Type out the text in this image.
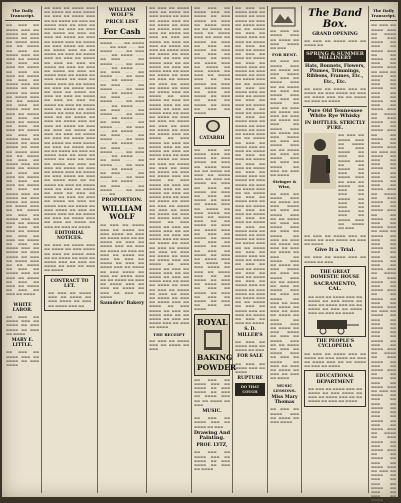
The Daily Transcript.

▬▬ ▬▬▬ ▬▬ ▬▬▬▬ ▬▬▬ ▬▬ ▬▬▬▬ ▬▬ ▬▬▬ ▬▬▬▬ ▬▬ ▬▬▬ ▬▬ ▬▬▬▬ ▬▬▬ ▬▬ ▬▬ ▬▬▬▬ ▬▬ ▬▬▬ ▬▬ ▬▬▬▬ ▬▬▬ ▬▬ ▬▬▬ ▬▬ ▬▬▬▬ ▬▬ ▬▬▬ ▬▬ ▬▬▬ ▬▬ ▬▬▬▬ ▬▬ ▬▬▬ ▬▬ ▬▬▬ ▬▬ ▬▬▬▬ ▬▬ ▬▬▬ ▬▬ ▬▬▬▬ ▬▬▬ ▬▬ ▬▬▬▬ ▬▬ ▬▬▬ ▬▬▬▬ ▬▬ ▬▬▬ ▬▬ ▬▬▬▬ ▬▬▬ ▬▬ ▬▬ ▬▬▬▬ ▬▬ ▬▬▬ ▬▬ ▬▬▬▬ ▬▬▬ ▬▬ ▬▬▬ ▬▬ ▬▬▬▬ ▬▬ ▬▬▬ ▬▬ ▬▬▬ ▬▬ ▬▬▬▬ ▬▬ ▬▬▬ ▬▬ ▬▬▬ ▬▬ ▬▬▬▬ ▬▬ ▬▬▬ ▬▬ ▬▬▬▬ ▬▬▬ ▬▬ ▬▬▬▬ ▬▬ ▬▬▬ ▬▬▬▬ ▬▬ ▬▬▬ ▬▬ ▬▬▬▬ ▬▬▬ ▬▬ ▬▬ ▬▬▬▬ ▬▬ ▬▬▬ ▬▬ ▬▬▬▬ ▬▬▬ ▬▬ ▬▬▬ ▬▬ ▬▬▬▬ ▬▬ ▬▬▬ ▬▬ ▬▬▬ ▬▬ ▬▬▬▬ ▬▬ ▬▬▬ ▬▬ ▬▬▬ ▬▬ ▬▬▬▬ ▬▬ ▬▬▬ ▬▬ ▬▬▬▬ ▬▬▬ ▬▬ ▬▬▬▬ ▬▬ ▬▬▬ ▬▬▬▬ ▬▬ ▬▬▬ ▬▬ ▬▬▬▬ ▬▬▬ ▬▬ ▬▬ ▬▬▬▬ ▬▬ ▬▬▬ ▬▬ ▬▬▬▬ ▬▬▬ ▬▬ ▬▬▬ ▬▬ ▬▬▬▬ ▬▬ ▬▬▬ ▬▬ ▬▬▬ ▬▬ ▬▬▬▬ ▬▬ ▬▬▬ ▬▬ ▬▬▬ ▬▬ ▬▬▬▬ ▬▬ ▬▬▬ ▬▬ ▬▬▬▬ ▬▬▬ ▬▬ ▬▬▬▬ ▬▬ ▬▬▬ ▬▬▬▬ ▬▬ ▬▬▬ ▬▬ ▬▬▬▬ ▬▬▬ ▬▬ ▬▬ ▬▬▬▬ ▬▬ ▬▬▬ ▬▬ ▬▬▬▬ ▬▬▬ ▬▬ ▬▬▬ ▬▬ ▬▬▬▬ ▬▬ ▬▬▬ ▬▬ ▬▬▬ ▬▬ ▬▬▬▬ ▬▬ ▬▬▬ ▬▬ ▬▬▬ ▬▬ ▬▬▬▬

WHITE LABOR.

▬▬ ▬▬▬ ▬▬ ▬▬▬▬ ▬▬▬ ▬▬ ▬▬▬▬ ▬▬ ▬▬▬ ▬▬▬▬ ▬▬ ▬▬▬ ▬▬ ▬▬▬▬

MARY E. LITTLE.

▬▬ ▬▬▬ ▬▬ ▬▬▬▬ ▬▬▬ ▬▬ ▬▬▬▬ ▬▬ ▬▬▬ ▬▬▬▬

▬▬ ▬▬▬ ▬▬ ▬▬▬▬ ▬▬▬ ▬▬ ▬▬▬▬ ▬▬ ▬▬▬ ▬▬▬▬ ▬▬ ▬▬▬ ▬▬ ▬▬▬▬ ▬▬▬ ▬▬ ▬▬ ▬▬▬▬ ▬▬ ▬▬▬ ▬▬ ▬▬▬▬ ▬▬▬ ▬▬ ▬▬▬ ▬▬ ▬▬▬▬ ▬▬ ▬▬▬ ▬▬ ▬▬▬ ▬▬ ▬▬▬▬ ▬▬ ▬▬▬ ▬▬ ▬▬▬ ▬▬ ▬▬▬▬ ▬▬ ▬▬▬ ▬▬ ▬▬▬▬ ▬▬▬ ▬▬ ▬▬▬▬ ▬▬ ▬▬▬ ▬▬▬▬ ▬▬ ▬▬▬ ▬▬ ▬▬▬▬ ▬▬▬ ▬▬ ▬▬ ▬▬▬▬ ▬▬ ▬▬▬ ▬▬ ▬▬▬▬ ▬▬▬ ▬▬ ▬▬▬ ▬▬ ▬▬▬▬ ▬▬ ▬▬▬ ▬▬ ▬▬▬ ▬▬ ▬▬▬▬ ▬▬ ▬▬▬ ▬▬ ▬▬▬ ▬▬ ▬▬▬▬ ▬▬ ▬▬▬ ▬▬ ▬▬▬▬ ▬▬▬ ▬▬ ▬▬▬▬ ▬▬ ▬▬▬ ▬▬▬▬ ▬▬ ▬▬▬ ▬▬ ▬▬▬▬ ▬▬▬ ▬▬ ▬▬ ▬▬▬▬ ▬▬ ▬▬▬ ▬▬ ▬▬▬▬ ▬▬▬ ▬▬ ▬▬▬ ▬▬ ▬▬▬▬ ▬▬ ▬▬▬ ▬▬ ▬▬▬ ▬▬ ▬▬▬▬ ▬▬ ▬▬▬ ▬▬ ▬▬▬ ▬▬ ▬▬▬▬ ▬▬ ▬▬▬ ▬▬ ▬▬▬▬ ▬▬▬ ▬▬ ▬▬▬▬ ▬▬ ▬▬▬ ▬▬▬▬ ▬▬ ▬▬▬ ▬▬ ▬▬▬▬ ▬▬▬ ▬▬ ▬▬ ▬▬▬▬ ▬▬ ▬▬▬ ▬▬ ▬▬▬▬ ▬▬▬ ▬▬ ▬▬▬ ▬▬ ▬▬▬▬ ▬▬ ▬▬▬ ▬▬ ▬▬▬ ▬▬ ▬▬▬▬ ▬▬ ▬▬▬ ▬▬ ▬▬▬ ▬▬ ▬▬▬▬ ▬▬ ▬▬▬ ▬▬ ▬▬▬▬ ▬▬▬ ▬▬ ▬▬▬▬ ▬▬ ▬▬▬ ▬▬▬▬ ▬▬ ▬▬▬ ▬▬ ▬▬▬▬ ▬▬▬ ▬▬ ▬▬ ▬▬▬▬ ▬▬ ▬▬▬ ▬▬ ▬▬▬▬ ▬▬▬ ▬▬ ▬▬▬ ▬▬ ▬▬▬▬ ▬▬ ▬▬▬ ▬▬ ▬▬▬ ▬▬ ▬▬▬▬ ▬▬ ▬▬▬ ▬▬ ▬▬▬ ▬▬ ▬▬▬▬ ▬▬ ▬▬▬ ▬▬ ▬▬▬▬ ▬▬▬ ▬▬ ▬▬▬▬ ▬▬ ▬▬▬ ▬▬▬▬ ▬▬ ▬▬▬ ▬▬ ▬▬▬▬ ▬▬▬ ▬▬ ▬▬ ▬▬▬▬ ▬▬ ▬▬▬ ▬▬ ▬▬▬▬ ▬▬▬ ▬▬ ▬▬▬ ▬▬ ▬▬▬▬ ▬▬ ▬▬▬ ▬▬ ▬▬▬ ▬▬ ▬▬▬▬ ▬▬ ▬▬▬ ▬▬ ▬▬▬ ▬▬ ▬▬▬▬ ▬▬ ▬▬▬ ▬▬ ▬▬▬▬ ▬▬▬ ▬▬ ▬▬▬▬ ▬▬ ▬▬▬ ▬▬▬▬ ▬▬ ▬▬▬ ▬▬ ▬▬▬▬ ▬▬▬ ▬▬ ▬▬ ▬▬▬▬ ▬▬ ▬▬▬ ▬▬ ▬▬▬▬ ▬▬▬ ▬▬ ▬▬▬ ▬▬ ▬▬▬▬ ▬▬ ▬▬▬ ▬▬ ▬▬▬ ▬▬ ▬▬▬▬

EDITORIAL NOTICES.

▬▬ ▬▬▬ ▬▬ ▬▬▬▬ ▬▬▬ ▬▬ ▬▬▬▬ ▬▬ ▬▬▬ ▬▬▬▬ ▬▬ ▬▬▬ ▬▬ ▬▬▬▬ ▬▬▬ ▬▬ ▬▬ ▬▬▬▬ ▬▬ ▬▬▬ ▬▬ ▬▬▬▬ ▬▬▬ ▬▬ ▬▬▬ ▬▬ ▬▬▬▬ ▬▬ ▬▬▬ ▬▬ ▬▬▬ ▬▬ ▬▬▬▬

CONTRACT TO LET.

▬▬ ▬▬▬ ▬▬ ▬▬▬▬ ▬▬▬ ▬▬ ▬▬▬▬ ▬▬ ▬▬▬ ▬▬▬▬ ▬▬ ▬▬▬ ▬▬ ▬▬▬▬ ▬▬▬ ▬▬

WILLIAM WOLF'S
PRICE LIST
For Cash

▬▬▬▬ ........ ▬▬ ▬▬▬▬ ........ ▬▬ ▬▬▬ ........ ▬▬ ▬▬▬▬ ........ ▬▬ ▬▬▬ ........ ▬▬ ▬▬▬▬ ........ ▬▬ ▬▬▬ ........ ▬▬ ▬▬▬▬ ........ ▬▬ ▬▬▬ ........ ▬▬ ▬▬▬▬ ........ ▬▬ ▬▬▬ ........ ▬▬ ▬▬▬▬ ........ ▬▬ ▬▬▬ ........ ▬▬ ▬▬▬▬ ........ ▬▬ ▬▬▬ ........ ▬▬ ▬▬▬▬ ........ ▬▬ ▬▬▬ ........ ▬▬ ▬▬▬▬ ........ ▬▬ ▬▬▬ ........ ▬▬ ▬▬▬▬ ........ ▬▬ ▬▬▬ ........ ▬▬ ▬▬▬▬ ........ ▬▬ ▬▬▬ ........ ▬▬ ▬▬▬▬ ........ ▬▬ ▬▬▬ ........ ▬▬ ▬▬▬▬ ........ ▬▬ ▬▬▬ ........ ▬▬ ▬▬▬▬ ........ ▬▬ ▬▬▬ ........ ▬▬ ▬▬▬▬ ........ ▬▬ ▬▬▬ ........ ▬▬ ▬▬▬▬ ........ ▬▬ ▬▬▬ ........ ▬▬ ▬▬▬▬ ........ ▬▬ ▬▬▬ ........ ▬▬ ▬▬▬▬ ........ ▬▬ ▬▬▬ ........ ▬▬ ▬▬▬▬ ........ ▬▬ ▬▬▬ ........ ▬▬ ▬▬▬▬ ........ ▬▬ ▬▬▬ ........ ▬▬ ▬▬▬▬ ........ ▬▬ ▬▬▬ ........ ▬▬ ▬▬▬▬ ........ ▬▬ ▬▬▬ ........ ▬▬ ▬▬▬▬ ........ ▬▬ ▬▬▬ ........ ▬▬ ▬▬▬▬ ........ ▬▬ ▬▬▬ ........ ▬▬

PROPORTION.
WILLIAM WOLF

▬▬ ▬▬▬ ▬▬ ▬▬▬▬ ▬▬▬ ▬▬ ▬▬▬▬ ▬▬ ▬▬▬ ▬▬▬▬ ▬▬ ▬▬▬ ▬▬ ▬▬▬▬ ▬▬▬ ▬▬ ▬▬ ▬▬▬▬ ▬▬ ▬▬▬ ▬▬ ▬▬▬▬ ▬▬▬ ▬▬ ▬▬▬ ▬▬ ▬▬▬▬ ▬▬ ▬▬▬ ▬▬ ▬▬▬ ▬▬ ▬▬▬▬ ▬▬ ▬▬▬ ▬▬ ▬▬▬ ▬▬ ▬▬▬▬ ▬▬ ▬▬▬ ▬▬ ▬▬▬▬ ▬▬▬ ▬▬ ▬▬▬▬ ▬▬ ▬▬▬ ▬▬▬▬ ▬▬ ▬▬▬ ▬▬ ▬▬▬▬ ▬▬▬ ▬▬ ▬▬ ▬▬▬▬ ▬▬ ▬▬▬ ▬▬ ▬▬▬▬ ▬▬▬ ▬▬ ▬▬▬ ▬▬ ▬▬▬▬ ▬▬ ▬▬▬ ▬▬ ▬▬▬ ▬▬ ▬▬▬▬

Saunders' Bakery

▬▬ ▬▬▬ ▬▬ ▬▬▬▬ ▬▬▬ ▬▬ ▬▬▬▬ ▬▬ ▬▬▬ ▬▬▬▬ ▬▬ ▬▬▬ ▬▬ ▬▬▬▬ ▬▬▬ ▬▬ ▬▬ ▬▬▬▬ ▬▬ ▬▬▬ ▬▬ ▬▬▬▬ ▬▬▬ ▬▬ ▬▬▬ ▬▬ ▬▬▬▬ ▬▬ ▬▬▬ ▬▬ ▬▬▬ ▬▬ ▬▬▬▬ ▬▬ ▬▬▬ ▬▬ ▬▬▬ ▬▬ ▬▬▬▬ ▬▬ ▬▬▬ ▬▬ ▬▬▬▬ ▬▬▬ ▬▬ ▬▬▬▬ ▬▬ ▬▬▬ ▬▬▬▬ ▬▬ ▬▬▬ ▬▬ ▬▬▬▬ ▬▬▬ ▬▬ ▬▬ ▬▬▬▬ ▬▬ ▬▬▬ ▬▬ ▬▬▬▬ ▬▬▬ ▬▬ ▬▬▬ ▬▬ ▬▬▬▬ ▬▬ ▬▬▬ ▬▬ ▬▬▬ ▬▬ ▬▬▬▬ ▬▬ ▬▬▬ ▬▬ ▬▬▬ ▬▬ ▬▬▬▬ ▬▬ ▬▬▬ ▬▬ ▬▬▬▬ ▬▬▬ ▬▬ ▬▬▬▬ ▬▬ ▬▬▬ ▬▬▬▬ ▬▬ ▬▬▬ ▬▬ ▬▬▬▬ ▬▬▬ ▬▬ ▬▬ ▬▬▬▬ ▬▬ ▬▬▬ ▬▬ ▬▬▬▬ ▬▬▬ ▬▬ ▬▬▬ ▬▬ ▬▬▬▬ ▬▬ ▬▬▬ ▬▬ ▬▬▬ ▬▬ ▬▬▬▬ ▬▬ ▬▬▬ ▬▬ ▬▬▬ ▬▬ ▬▬▬▬ ▬▬ ▬▬▬ ▬▬ ▬▬▬▬ ▬▬▬ ▬▬ ▬▬▬▬ ▬▬ ▬▬▬ ▬▬▬▬ ▬▬ ▬▬▬ ▬▬ ▬▬▬▬ ▬▬▬ ▬▬ ▬▬ ▬▬▬▬ ▬▬ ▬▬▬ ▬▬ ▬▬▬▬ ▬▬▬ ▬▬ ▬▬▬ ▬▬ ▬▬▬▬ ▬▬ ▬▬▬ ▬▬ ▬▬▬ ▬▬ ▬▬▬▬ ▬▬ ▬▬▬ ▬▬ ▬▬▬ ▬▬ ▬▬▬▬ ▬▬ ▬▬▬ ▬▬ ▬▬▬▬ ▬▬▬ ▬▬ ▬▬▬▬ ▬▬ ▬▬▬ ▬▬▬▬ ▬▬ ▬▬▬ ▬▬ ▬▬▬▬ ▬▬▬ ▬▬ ▬▬ ▬▬▬▬ ▬▬ ▬▬▬ ▬▬ ▬▬▬▬ ▬▬▬ ▬▬ ▬▬▬ ▬▬ ▬▬▬▬ ▬▬ ▬▬▬ ▬▬ ▬▬▬ ▬▬ ▬▬▬▬ ▬▬ ▬▬▬ ▬▬ ▬▬▬ ▬▬ ▬▬▬▬ ▬▬ ▬▬▬ ▬▬ ▬▬▬▬ ▬▬▬ ▬▬ ▬▬▬▬ ▬▬ ▬▬▬ ▬▬▬▬ ▬▬ ▬▬▬ ▬▬ ▬▬▬▬ ▬▬▬ ▬▬ ▬▬ ▬▬▬▬ ▬▬ ▬▬▬ ▬▬ ▬▬▬▬ ▬▬▬ ▬▬ ▬▬▬ ▬▬ ▬▬▬▬ ▬▬ ▬▬▬ ▬▬ ▬▬▬ ▬▬ ▬▬▬▬ ▬▬ ▬▬▬ ▬▬ ▬▬▬ ▬▬ ▬▬▬▬ ▬▬ ▬▬▬ ▬▬ ▬▬▬▬ ▬▬▬ ▬▬ ▬▬▬▬ ▬▬ ▬▬▬ ▬▬▬▬ ▬▬ ▬▬▬ ▬▬ ▬▬▬▬ ▬▬▬ ▬▬ ▬▬ ▬▬▬▬ ▬▬ ▬▬▬ ▬▬ ▬▬▬▬ ▬▬▬ ▬▬ ▬▬▬ ▬▬ ▬▬▬▬ ▬▬ ▬▬▬ ▬▬ ▬▬▬ ▬▬ ▬▬▬▬ ▬▬ ▬▬▬ ▬▬ ▬▬▬ ▬▬ ▬▬▬▬ ▬▬ ▬▬▬ ▬▬ ▬▬▬▬ ▬▬▬ ▬▬ ▬▬▬▬ ▬▬ ▬▬▬ ▬▬▬▬ ▬▬ ▬▬▬ ▬▬ ▬▬▬▬ ▬▬▬ ▬▬ ▬▬ ▬▬▬▬ ▬▬ ▬▬▬ ▬▬ ▬▬▬▬ ▬▬▬ ▬▬ ▬▬▬ ▬▬ ▬▬▬▬

THE RECEIPT

▬▬ ▬▬▬ ▬▬ ▬▬▬▬ ▬▬▬ ▬▬ ▬▬▬▬ ▬▬ ▬▬▬

▬▬ ▬▬▬ ▬▬ ▬▬▬▬ ▬▬▬ ▬▬ ▬▬▬▬ ▬▬ ▬▬▬ ▬▬▬▬ ▬▬ ▬▬▬ ▬▬ ▬▬▬▬ ▬▬▬ ▬▬ ▬▬ ▬▬▬▬ ▬▬ ▬▬▬ ▬▬ ▬▬▬▬ ▬▬▬ ▬▬ ▬▬▬ ▬▬ ▬▬▬▬ ▬▬ ▬▬▬ ▬▬ ▬▬▬ ▬▬ ▬▬▬▬ ▬▬ ▬▬▬ ▬▬ ▬▬▬ ▬▬ ▬▬▬▬ ▬▬ ▬▬▬ ▬▬ ▬▬▬▬ ▬▬▬ ▬▬ ▬▬▬▬ ▬▬ ▬▬▬ ▬▬▬▬ ▬▬ ▬▬▬ ▬▬ ▬▬▬▬ ▬▬▬ ▬▬ ▬▬ ▬▬▬▬ ▬▬ ▬▬▬ ▬▬ ▬▬▬▬ ▬▬▬ ▬▬ ▬▬▬ ▬▬ ▬▬▬▬ ▬▬ ▬▬▬ ▬▬ ▬▬▬ ▬▬ ▬▬▬▬ ▬▬ ▬▬▬ ▬▬ ▬▬▬ ▬▬ ▬▬▬▬

CATARRH

▬▬ ▬▬▬ ▬▬ ▬▬▬▬ ▬▬▬ ▬▬ ▬▬▬▬ ▬▬ ▬▬▬ ▬▬▬▬ ▬▬ ▬▬▬ ▬▬ ▬▬▬▬ ▬▬▬ ▬▬ ▬▬ ▬▬▬▬ ▬▬ ▬▬▬ ▬▬ ▬▬▬▬ ▬▬▬ ▬▬ ▬▬▬ ▬▬ ▬▬▬▬ ▬▬ ▬▬▬ ▬▬ ▬▬▬ ▬▬ ▬▬▬▬ ▬▬ ▬▬▬ ▬▬ ▬▬▬ ▬▬ ▬▬▬▬ ▬▬ ▬▬▬ ▬▬ ▬▬▬▬ ▬▬▬ ▬▬ ▬▬▬▬ ▬▬ ▬▬▬ ▬▬▬▬ ▬▬ ▬▬▬ ▬▬ ▬▬▬▬ ▬▬▬ ▬▬ ▬▬ ▬▬▬▬ ▬▬ ▬▬▬ ▬▬ ▬▬▬▬ ▬▬▬ ▬▬ ▬▬▬ ▬▬ ▬▬▬▬ ▬▬ ▬▬▬ ▬▬ ▬▬▬ ▬▬ ▬▬▬▬ ▬▬ ▬▬▬ ▬▬ ▬▬▬ ▬▬ ▬▬▬▬ ▬▬ ▬▬▬ ▬▬ ▬▬▬▬ ▬▬▬ ▬▬ ▬▬▬▬ ▬▬ ▬▬▬ ▬▬▬▬ ▬▬ ▬▬▬ ▬▬ ▬▬▬▬ ▬▬▬ ▬▬ ▬▬ ▬▬▬▬ ▬▬ ▬▬▬ ▬▬ ▬▬▬▬ ▬▬▬ ▬▬ ▬▬▬ ▬▬ ▬▬▬▬ ▬▬ ▬▬▬ ▬▬ ▬▬▬ ▬▬ ▬▬▬▬ ▬▬ ▬▬▬ ▬▬ ▬▬▬ ▬▬ ▬▬▬▬

ROYAL
BAKING
POWDER

▬▬ ▬▬▬ ▬▬ ▬▬▬▬ ▬▬▬ ▬▬ ▬▬▬▬ ▬▬ ▬▬▬ ▬▬▬▬ ▬▬ ▬▬▬ ▬▬ ▬▬▬▬ ▬▬▬ ▬▬ ▬▬ ▬▬▬▬ ▬▬ ▬▬▬

MUSIC.

▬▬ ▬▬▬ ▬▬ ▬▬▬▬ ▬▬▬ ▬▬ ▬▬▬▬ ▬▬ ▬▬▬

Drawing And Painting.
PROF. LYTZ,

▬▬ ▬▬▬ ▬▬ ▬▬▬▬ ▬▬▬ ▬▬ ▬▬▬▬ ▬▬ ▬▬▬ ▬▬▬▬ ▬▬ ▬▬▬ ▬▬ ▬▬▬▬

▬▬ ▬▬▬ ▬▬ ▬▬▬▬ ▬▬▬ ▬▬ ▬▬▬▬ ▬▬ ▬▬▬ ▬▬▬▬ ▬▬ ▬▬▬ ▬▬ ▬▬▬▬ ▬▬▬ ▬▬ ▬▬ ▬▬▬▬ ▬▬ ▬▬▬ ▬▬ ▬▬▬▬ ▬▬▬ ▬▬ ▬▬▬ ▬▬ ▬▬▬▬ ▬▬ ▬▬▬ ▬▬ ▬▬▬ ▬▬ ▬▬▬▬ ▬▬ ▬▬▬ ▬▬ ▬▬▬ ▬▬ ▬▬▬▬ ▬▬ ▬▬▬ ▬▬ ▬▬▬▬ ▬▬▬ ▬▬ ▬▬▬▬ ▬▬ ▬▬▬ ▬▬▬▬ ▬▬ ▬▬▬ ▬▬ ▬▬▬▬ ▬▬▬ ▬▬ ▬▬ ▬▬▬▬ ▬▬ ▬▬▬ ▬▬ ▬▬▬▬ ▬▬▬ ▬▬ ▬▬▬ ▬▬ ▬▬▬▬ ▬▬ ▬▬▬ ▬▬ ▬▬▬ ▬▬ ▬▬▬▬ ▬▬ ▬▬▬ ▬▬ ▬▬▬ ▬▬ ▬▬▬▬ ▬▬ ▬▬▬ ▬▬ ▬▬▬▬ ▬▬▬ ▬▬ ▬▬▬▬ ▬▬ ▬▬▬ ▬▬▬▬ ▬▬ ▬▬▬ ▬▬ ▬▬▬▬ ▬▬▬ ▬▬ ▬▬ ▬▬▬▬ ▬▬ ▬▬▬ ▬▬ ▬▬▬▬ ▬▬▬ ▬▬ ▬▬▬ ▬▬ ▬▬▬▬ ▬▬ ▬▬▬ ▬▬ ▬▬▬ ▬▬ ▬▬▬▬ ▬▬ ▬▬▬ ▬▬ ▬▬▬ ▬▬ ▬▬▬▬ ▬▬ ▬▬▬ ▬▬ ▬▬▬▬ ▬▬▬ ▬▬ ▬▬▬▬ ▬▬ ▬▬▬ ▬▬▬▬ ▬▬ ▬▬▬ ▬▬ ▬▬▬▬ ▬▬▬ ▬▬ ▬▬ ▬▬▬▬ ▬▬ ▬▬▬ ▬▬ ▬▬▬▬ ▬▬▬ ▬▬ ▬▬▬ ▬▬ ▬▬▬▬ ▬▬ ▬▬▬ ▬▬ ▬▬▬ ▬▬ ▬▬▬▬ ▬▬ ▬▬▬ ▬▬ ▬▬▬ ▬▬ ▬▬▬▬ ▬▬ ▬▬▬ ▬▬ ▬▬▬▬ ▬▬▬ ▬▬ ▬▬▬▬ ▬▬ ▬▬▬ ▬▬▬▬ ▬▬ ▬▬▬ ▬▬ ▬▬▬▬ ▬▬▬ ▬▬ ▬▬ ▬▬▬▬ ▬▬ ▬▬▬ ▬▬ ▬▬▬▬ ▬▬▬ ▬▬ ▬▬▬ ▬▬ ▬▬▬▬ ▬▬ ▬▬▬ ▬▬ ▬▬▬ ▬▬ ▬▬▬▬ ▬▬ ▬▬▬ ▬▬ ▬▬▬ ▬▬ ▬▬▬▬ ▬▬ ▬▬▬ ▬▬ ▬▬▬▬ ▬▬▬ ▬▬ ▬▬▬▬ ▬▬ ▬▬▬ ▬▬▬▬ ▬▬ ▬▬▬ ▬▬ ▬▬▬▬ ▬▬▬ ▬▬ ▬▬ ▬▬▬▬ ▬▬ ▬▬▬ ▬▬ ▬▬▬▬ ▬▬▬ ▬▬ ▬▬▬ ▬▬ ▬▬▬▬ ▬▬ ▬▬▬ ▬▬ ▬▬▬ ▬▬ ▬▬▬▬

S. D. MILLER'S

▬▬ ▬▬▬ ▬▬ ▬▬▬▬ ▬▬▬ ▬▬ ▬▬▬▬ ▬▬ ▬▬▬

FOR SALE

▬▬ ▬▬▬ ▬▬ ▬▬▬▬ ▬▬▬ ▬▬ ▬▬▬▬

RUPTURE
DO THAT COUGH

▬▬ ▬▬▬ ▬▬ ▬▬▬▬ ▬▬▬ ▬▬ ▬▬▬▬ ▬▬ ▬▬▬ ▬▬▬▬ ▬▬ ▬▬▬

FOR RENT.

▬▬ ▬▬▬ ▬▬ ▬▬▬▬ ▬▬▬ ▬▬ ▬▬▬▬ ▬▬ ▬▬▬ ▬▬▬▬ ▬▬ ▬▬▬ ▬▬ ▬▬▬▬ ▬▬▬ ▬▬ ▬▬ ▬▬▬▬ ▬▬ ▬▬▬ ▬▬ ▬▬▬▬ ▬▬▬ ▬▬ ▬▬▬ ▬▬ ▬▬▬▬ ▬▬ ▬▬▬ ▬▬ ▬▬▬ ▬▬ ▬▬▬▬ ▬▬ ▬▬▬ ▬▬ ▬▬▬ ▬▬ ▬▬▬▬ ▬▬ ▬▬▬ ▬▬ ▬▬▬▬ ▬▬▬ ▬▬ ▬▬▬▬ ▬▬ ▬▬▬ ▬▬▬▬ ▬▬ ▬▬▬ ▬▬ ▬▬▬▬ ▬▬▬ ▬▬ ▬▬ ▬▬▬▬ ▬▬ ▬▬▬ ▬▬ ▬▬▬▬ ▬▬▬ ▬▬ ▬▬▬ ▬▬ ▬▬▬▬ ▬▬ ▬▬▬ ▬▬ ▬▬▬ ▬▬ ▬▬▬▬

Stringer & Wise,

▬▬ ▬▬▬ ▬▬ ▬▬▬▬ ▬▬▬ ▬▬ ▬▬▬▬ ▬▬ ▬▬▬ ▬▬▬▬ ▬▬ ▬▬▬ ▬▬ ▬▬▬▬ ▬▬▬ ▬▬ ▬▬ ▬▬▬▬ ▬▬ ▬▬▬ ▬▬ ▬▬▬▬ ▬▬▬ ▬▬ ▬▬▬ ▬▬ ▬▬▬▬ ▬▬ ▬▬▬ ▬▬ ▬▬▬ ▬▬ ▬▬▬▬ ▬▬ ▬▬▬ ▬▬ ▬▬▬ ▬▬ ▬▬▬▬ ▬▬ ▬▬▬ ▬▬ ▬▬▬▬ ▬▬▬ ▬▬ ▬▬▬▬ ▬▬ ▬▬▬ ▬▬▬▬ ▬▬ ▬▬▬ ▬▬ ▬▬▬▬ ▬▬▬ ▬▬ ▬▬ ▬▬▬▬ ▬▬ ▬▬▬ ▬▬ ▬▬▬▬ ▬▬▬ ▬▬ ▬▬▬ ▬▬ ▬▬▬▬ ▬▬ ▬▬▬ ▬▬ ▬▬▬ ▬▬ ▬▬▬▬ ▬▬ ▬▬▬ ▬▬ ▬▬▬ ▬▬ ▬▬▬▬ ▬▬ ▬▬▬ ▬▬ ▬▬▬▬ ▬▬▬ ▬▬ ▬▬▬▬ ▬▬ ▬▬▬ ▬▬▬▬ ▬▬ ▬▬▬ ▬▬ ▬▬▬▬ ▬▬▬ ▬▬ ▬▬ ▬▬▬▬ ▬▬ ▬▬▬ ▬▬ ▬▬▬▬ ▬▬▬ ▬▬ ▬▬▬ ▬▬ ▬▬▬▬ ▬▬ ▬▬▬ ▬▬ ▬▬▬ ▬▬ ▬▬▬▬ ▬▬ ▬▬▬ ▬▬ ▬▬▬ ▬▬ ▬▬▬▬

MUSIC LESSONS.
Miss Mary Thomas

▬▬ ▬▬▬ ▬▬ ▬▬▬▬ ▬▬▬ ▬▬ ▬▬▬▬ ▬▬ ▬▬▬ ▬▬▬▬

The Band Box.
GRAND OPENING

▬▬ ▬▬▬ ▬▬ ▬▬▬▬ ▬▬▬ ▬▬ ▬▬▬▬ ▬▬

SPRING & SUMMER MILLINERY
Hats, Bonnets, Flowers, Plumes, Trimmings, Ribbons, Frames, Etc., Etc., Etc.

▬▬ ▬▬▬ ▬▬ ▬▬▬▬ ▬▬▬ ▬▬ ▬▬▬▬ ▬▬ ▬▬▬ ▬▬▬▬ ▬▬ ▬▬▬ ▬▬ ▬▬▬▬ ▬▬▬ ▬▬ ▬▬ ▬▬▬▬ ▬▬ ▬▬▬ ▬▬ ▬▬▬▬

Pure Old Tennessee White Rye Whisky
IN BOTTLES. STRICTLY PURE.

▬▬ ▬▬▬ ▬▬ ▬▬▬▬ ▬▬▬ ▬▬ ▬▬▬▬ ▬▬ ▬▬▬ ▬▬▬▬ ▬▬ ▬▬▬ ▬▬ ▬▬▬▬ ▬▬▬ ▬▬ ▬▬ ▬▬▬▬ ▬▬ ▬▬▬ ▬▬ ▬▬▬▬ ▬▬▬ ▬▬ ▬▬▬ ▬▬ ▬▬▬▬ ▬▬ ▬▬▬ ▬▬ ▬▬▬ ▬▬ ▬▬▬▬ ▬▬ ▬▬▬ ▬▬ ▬▬▬ ▬▬ ▬▬▬▬ ▬▬ ▬▬▬ ▬▬ ▬▬▬▬ ▬▬▬ ▬▬ ▬▬▬▬ ▬▬ ▬▬▬

▬▬ ▬▬▬ ▬▬ ▬▬▬▬ ▬▬▬ ▬▬ ▬▬▬▬ ▬▬ ▬▬▬ ▬▬▬▬ ▬▬ ▬▬▬ ▬▬ ▬▬▬▬

Give It a Trial.

▬▬ ▬▬▬ ▬▬ ▬▬▬▬ ▬▬▬ ▬▬ ▬▬▬▬ ▬▬ ▬▬▬

THE GREAT DOMESTIC HOUSE
SACRAMENTO, CAL.

▬▬ ▬▬▬ ▬▬ ▬▬▬▬ ▬▬▬ ▬▬ ▬▬▬▬ ▬▬ ▬▬▬ ▬▬▬▬ ▬▬ ▬▬▬ ▬▬ ▬▬▬▬ ▬▬▬ ▬▬ ▬▬ ▬▬▬▬ ▬▬ ▬▬▬ ▬▬ ▬▬▬▬ ▬▬▬ ▬▬ ▬▬▬ ▬▬ ▬▬▬▬

THE PEOPLE'S CYCLOPEDIA

▬▬ ▬▬▬ ▬▬ ▬▬▬▬ ▬▬▬ ▬▬ ▬▬▬▬ ▬▬ ▬▬▬ ▬▬▬▬ ▬▬ ▬▬▬ ▬▬ ▬▬▬▬ ▬▬▬ ▬▬ ▬▬ ▬▬▬▬ ▬▬ ▬▬▬ ▬▬ ▬▬▬▬

EDUCATIONAL DEPARTMENT

▬▬ ▬▬▬ ▬▬ ▬▬▬▬ ▬▬▬ ▬▬ ▬▬▬▬ ▬▬ ▬▬▬ ▬▬▬▬ ▬▬ ▬▬▬ ▬▬ ▬▬▬▬ ▬▬▬ ▬▬ ▬▬ ▬▬▬▬ ▬▬ ▬▬▬ ▬▬ ▬▬▬▬

The Daily Transcript.

▬▬ ▬▬▬ ▬▬ ▬▬▬▬ ▬▬▬ ▬▬ ▬▬▬▬ ▬▬ ▬▬▬ ▬▬▬▬ ▬▬ ▬▬▬ ▬▬ ▬▬▬▬ ▬▬▬ ▬▬ ▬▬ ▬▬▬▬ ▬▬ ▬▬▬ ▬▬ ▬▬▬▬ ▬▬▬ ▬▬ ▬▬▬ ▬▬ ▬▬▬▬ ▬▬ ▬▬▬ ▬▬ ▬▬▬ ▬▬ ▬▬▬▬ ▬▬ ▬▬▬ ▬▬ ▬▬▬ ▬▬ ▬▬▬▬ ▬▬ ▬▬▬ ▬▬ ▬▬▬▬ ▬▬▬ ▬▬ ▬▬▬▬ ▬▬ ▬▬▬ ▬▬▬▬ ▬▬ ▬▬▬ ▬▬ ▬▬▬▬ ▬▬▬ ▬▬ ▬▬ ▬▬▬▬ ▬▬ ▬▬▬ ▬▬ ▬▬▬▬ ▬▬▬ ▬▬ ▬▬▬ ▬▬ ▬▬▬▬ ▬▬ ▬▬▬ ▬▬ ▬▬▬ ▬▬ ▬▬▬▬ ▬▬ ▬▬▬ ▬▬ ▬▬▬ ▬▬ ▬▬▬▬ ▬▬ ▬▬▬ ▬▬ ▬▬▬▬ ▬▬▬ ▬▬ ▬▬▬▬ ▬▬ ▬▬▬ ▬▬▬▬ ▬▬ ▬▬▬ ▬▬ ▬▬▬▬ ▬▬▬ ▬▬ ▬▬ ▬▬▬▬ ▬▬ ▬▬▬ ▬▬ ▬▬▬▬ ▬▬▬ ▬▬ ▬▬▬ ▬▬ ▬▬▬▬ ▬▬ ▬▬▬ ▬▬ ▬▬▬ ▬▬ ▬▬▬▬ ▬▬ ▬▬▬ ▬▬ ▬▬▬ ▬▬ ▬▬▬▬ ▬▬ ▬▬▬ ▬▬ ▬▬▬▬ ▬▬▬ ▬▬ ▬▬▬▬ ▬▬ ▬▬▬ ▬▬▬▬ ▬▬ ▬▬▬ ▬▬ ▬▬▬▬ ▬▬▬ ▬▬ ▬▬ ▬▬▬▬ ▬▬ ▬▬▬ ▬▬ ▬▬▬▬ ▬▬▬ ▬▬ ▬▬▬ ▬▬ ▬▬▬▬ ▬▬ ▬▬▬ ▬▬ ▬▬▬ ▬▬ ▬▬▬▬ ▬▬ ▬▬▬ ▬▬ ▬▬▬ ▬▬ ▬▬▬▬ ▬▬ ▬▬▬ ▬▬ ▬▬▬▬ ▬▬▬ ▬▬ ▬▬▬▬ ▬▬ ▬▬▬ ▬▬▬▬ ▬▬ ▬▬▬ ▬▬ ▬▬▬▬ ▬▬▬ ▬▬ ▬▬ ▬▬▬▬ ▬▬ ▬▬▬ ▬▬ ▬▬▬▬ ▬▬▬ ▬▬ ▬▬▬ ▬▬ ▬▬▬▬ ▬▬ ▬▬▬ ▬▬ ▬▬▬ ▬▬ ▬▬▬▬ ▬▬ ▬▬▬ ▬▬ ▬▬▬ ▬▬ ▬▬▬▬ ▬▬ ▬▬▬ ▬▬ ▬▬▬▬ ▬▬▬ ▬▬ ▬▬▬▬ ▬▬ ▬▬▬ ▬▬▬▬ ▬▬ ▬▬▬ ▬▬ ▬▬▬▬ ▬▬▬ ▬▬ ▬▬ ▬▬▬▬ ▬▬ ▬▬▬ ▬▬ ▬▬▬▬ ▬▬▬ ▬▬ ▬▬▬ ▬▬ ▬▬▬▬ ▬▬ ▬▬▬ ▬▬ ▬▬▬ ▬▬ ▬▬▬▬ ▬▬ ▬▬▬ ▬▬ ▬▬▬ ▬▬ ▬▬▬▬
